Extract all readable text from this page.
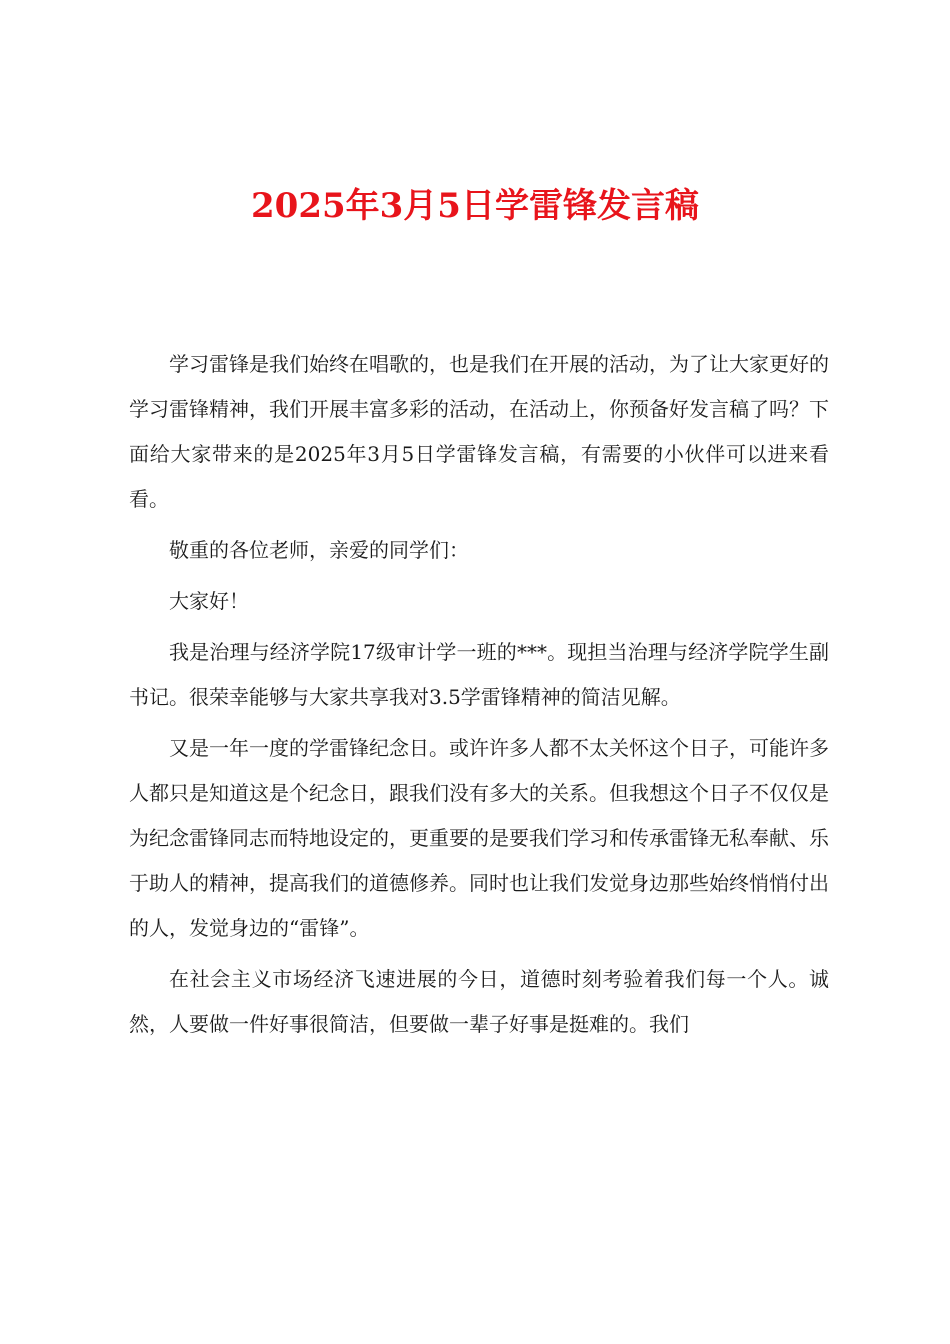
2025年3月5日学雷锋发言稿

学习雷锋是我们始终在唱歌的，也是我们在开展的活动，为了让大家更好的学习雷锋精神，我们开展丰富多彩的活动，在活动上，你预备好发言稿了吗？下面给大家带来的是2025年3月5日学雷锋发言稿，有需要的小伙伴可以进来看看。

敬重的各位老师，亲爱的同学们：

大家好！

我是治理与经济学院17级审计学一班的***。现担当治理与经济学院学生副书记。很荣幸能够与大家共享我对3.5学雷锋精神的简洁见解。

又是一年一度的学雷锋纪念日。或许许多人都不太关怀这个日子，可能许多人都只是知道这是个纪念日，跟我们没有多大的关系。但我想这个日子不仅仅是为纪念雷锋同志而特地设定的，更重要的是要我们学习和传承雷锋无私奉献、乐于助人的精神，提高我们的道德修养。同时也让我们发觉身边那些始终悄悄付出的人，发觉身边的“雷锋”。

在社会主义市场经济飞速进展的今日，道德时刻考验着我们每一个人。诚然，人要做一件好事很简洁，但要做一辈子好事是挺难的。我们
